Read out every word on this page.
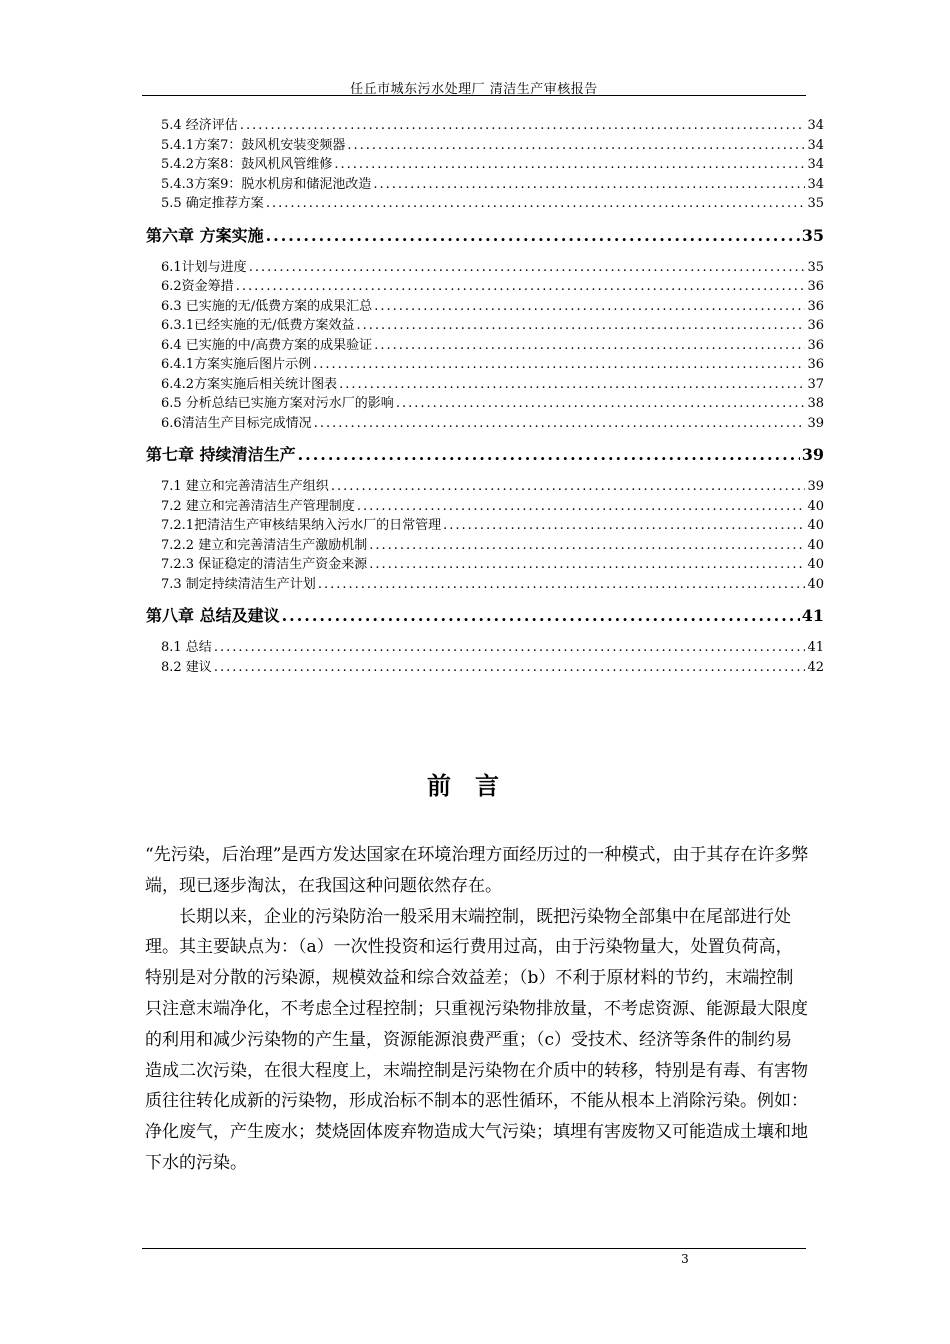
任丘市城东污水处理厂 清洁生产审核报告
5.4 经济评估 .....	34
5.4.1方案7：鼓风机安装变频器 .....	34
5.4.2方案8：鼓风机风管维修 .....	34
5.4.3方案9：脱水机房和储泥池改造 .....	34
5.5 确定推荐方案 .....	35
第六章 方案实施 .....	35
6.1计划与进度 .....	35
6.2资金筹措 .....	36
6.3 已实施的无/低费方案的成果汇总 .....	36
6.3.1已经实施的无/低费方案效益 .....	36
6.4 已实施的中/高费方案的成果验证 .....	36
6.4.1方案实施后图片示例 .....	36
6.4.2方案实施后相关统计图表 .....	37
6.5 分析总结已实施方案对污水厂的影响 .....	38
6.6清洁生产目标完成情况 .....	39
第七章 持续清洁生产 .....	39
7.1 建立和完善清洁生产组织 .....	39
7.2 建立和完善清洁生产管理制度 .....	40
7.2.1把清洁生产审核结果纳入污水厂的日常管理 .....	40
7.2.2 建立和完善清洁生产激励机制 .....	40
7.2.3 保证稳定的清洁生产资金来源 .....	40
7.3 制定持续清洁生产计划 .....	40
第八章 总结及建议 .....	41
8.1 总结 .....	41
8.2 建议 .....	42
前言

“先污染，后治理”是西方发达国家在环境治理方面经历过的一种模式，由于其存在许多弊端，现已逐步淘汰，在我国这种问题依然存在。

长期以来，企业的污染防治一般采用末端控制，既把污染物全部集中在尾部进行处理。其主要缺点为：（a）一次性投资和运行费用过高，由于污染物量大，处置负荷高，特别是对分散的污染源，规模效益和综合效益差；（b）不利于原材料的节约，末端控制只注意末端净化，不考虑全过程控制；只重视污染物排放量，不考虑资源、能源最大限度的利用和减少污染物的产生量，资源能源浪费严重；（c）受技术、经济等条件的制约易造成二次污染，在很大程度上，末端控制是污染物在介质中的转移，特别是有毒、有害物质往往转化成新的污染物，形成治标不制本的恶性循环，不能从根本上消除污染。例如：净化废气，产生废水；焚烧固体废弃物造成大气污染；填埋有害废物又可能造成土壤和地下水的污染。

3
